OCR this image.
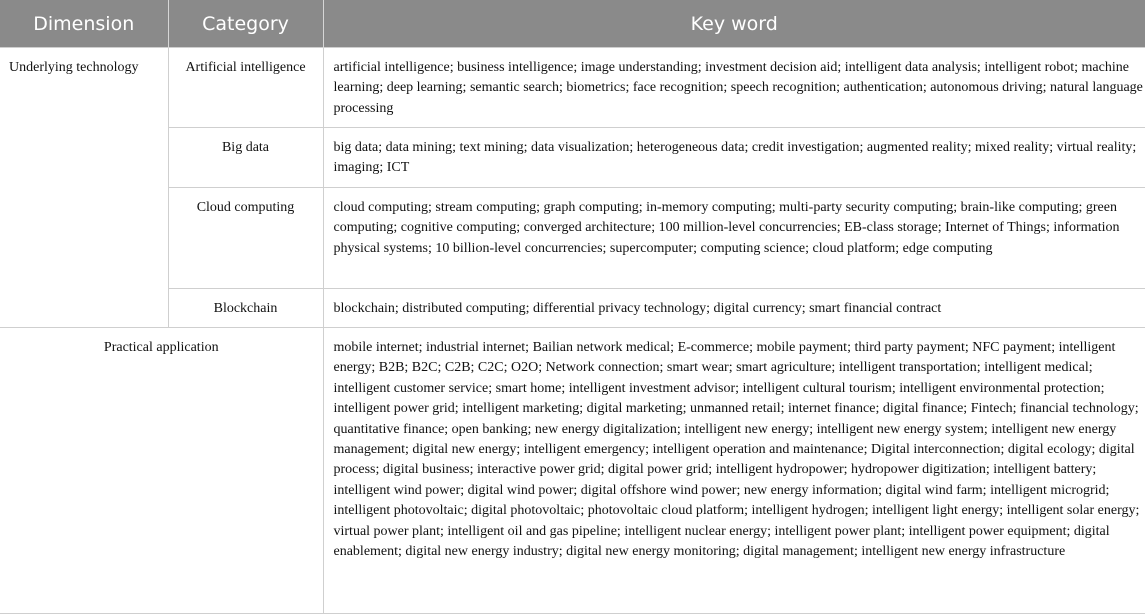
Dimension	Category	Key word
Underlying technology	Artificial intelligence	artificial intelligence; business intelligence; image understanding; investment decision aid; intelligent data analysis; intelligent robot; machine learning; deep learning; semantic search; biometrics; face recognition; speech recognition; authentication; autonomous driving; natural language processing
	Big data	big data; data mining; text mining; data visualization; heterogeneous data; credit investigation; augmented reality; mixed reality; virtual reality; imaging; ICT
	Cloud computing	cloud computing; stream computing; graph computing; in-memory computing; multi-party security computing; brain-like computing; green computing; cognitive computing; converged architecture; 100 million-level concurrencies; EB-class storage; Internet of Things; information physical systems; 10 billion-level concurrencies; supercomputer; computing science; cloud platform; edge computing
	Blockchain	blockchain; distributed computing; differential privacy technology; digital currency; smart financial contract
Practical application		mobile internet; industrial internet; Bailian network medical; E-commerce; mobile payment; third party payment; NFC payment; intelligent energy; B2B; B2C; C2B; C2C; O2O; Network connection; smart wear; smart agriculture; intelligent transportation; intelligent medical; intelligent customer service; smart home; intelligent investment advisor; intelligent cultural tourism; intelligent environmental protection; intelligent power grid; intelligent marketing; digital marketing; unmanned retail; internet finance; digital finance; Fintech; financial technology; quantitative finance; open banking; new energy digitalization; intelligent new energy; intelligent new energy system; intelligent new energy management; digital new energy; intelligent emergency; intelligent operation and maintenance; Digital interconnection; digital ecology; digital process; digital business; interactive power grid; digital power grid; intelligent hydropower; hydropower digitization; intelligent battery; intelligent wind power; digital wind power; digital offshore wind power; new energy information; digital wind farm; intelligent microgrid; intelligent photovoltaic; digital photovoltaic; photovoltaic cloud platform; intelligent hydrogen; intelligent light energy; intelligent solar energy; virtual power plant; intelligent oil and gas pipeline; intelligent nuclear energy; intelligent power plant; intelligent power equipment; digital enablement; digital new energy industry; digital new energy monitoring; digital management; intelligent new energy infrastructure
